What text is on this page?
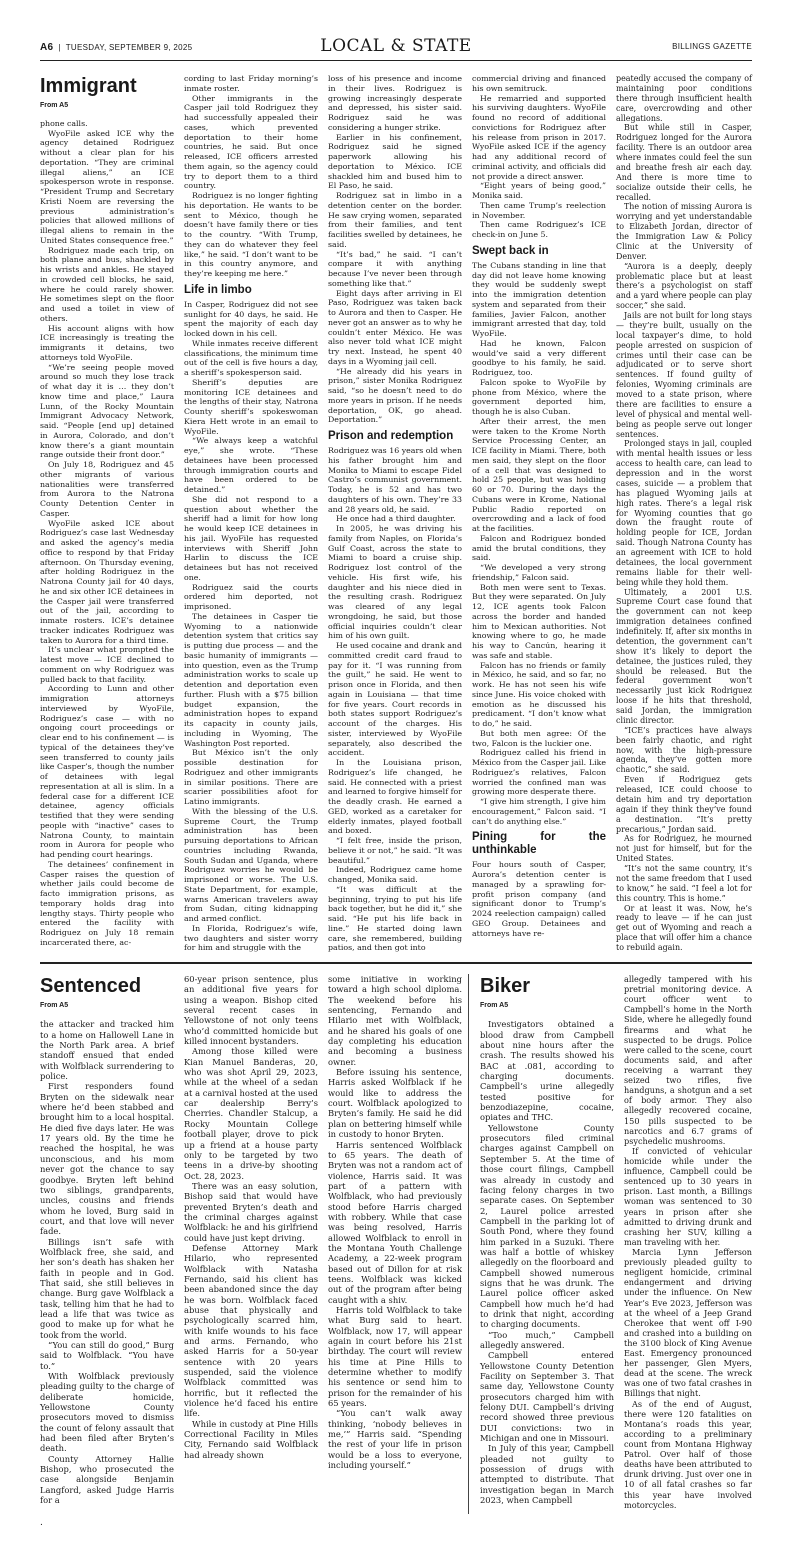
A6  |  TUESDAY, SEPTEMBER 9, 2025	LOCAL & STATE	BILLINGS GAZETTE
Immigrant
From A5

phone calls.

WyoFile asked ICE why the agency detained Rodriguez without a clear plan for his deportation. “They are criminal illegal aliens,” an ICE spokesperson wrote in response. “President Trump and Secretary Kristi Noem are reversing the previous administration’s policies that allowed millions of illegal aliens to remain in the United States consequence free.”

Rodriguez made each trip, on both plane and bus, shackled by his wrists and ankles. He stayed in crowded cell blocks, he said, where he could rarely shower. He sometimes slept on the floor and used a toilet in view of others.

His account aligns with how ICE increasingly is treating the immigrants it detains, two attorneys told WyoFile.

“We’re seeing people moved around so much they lose track of what day it is … they don’t know time and place,” Laura Lunn, of the Rocky Mountain Immigrant Advocacy Network, said. “People [end up] detained in Aurora, Colorado, and don’t know there’s a giant mountain range outside their front door.”

On July 18, Rodriguez and 45 other migrants of various nationalities were transferred from Aurora to the Natrona County Detention Center in Casper.

WyoFile asked ICE about Rodriguez’s case last Wednesday and asked the agency’s media office to respond by that Friday afternoon. On Thursday evening, after holding Rodriguez in the Natrona County jail for 40 days, he and six other ICE detainees in the Casper jail were transferred out of the jail, according to inmate rosters. ICE’s detainee tracker indicates Rodriguez was taken to Aurora for a third time.

It’s unclear what prompted the latest move — ICE declined to comment on why Rodriguez was pulled back to that facility.

According to Lunn and other immigration attorneys interviewed by WyoFile, Rodriguez’s case — with no ongoing court proceedings or clear end to his confinement — is typical of the detainees they’ve seen transferred to county jails like Casper’s, though the number of detainees with legal representation at all is slim. In a federal case for a different ICE detainee, agency officials testified that they were sending people with “inactive” cases to Natrona County, to maintain room in Aurora for people who had pending court hearings.

The detainees’ confinement in Casper raises the question of whether jails could become de facto immigration prisons, as temporary holds drag into lengthy stays. Thirty people who entered the facility with Rodriguez on July 18 remain incarcerated there, ac-

cording to last Friday morning’s inmate roster.

Other immigrants in the Casper jail told Rodriguez they had successfully appealed their cases, which prevented deportation to their home countries, he said. But once released, ICE officers arrested them again, so the agency could try to deport them to a third country.

Rodriguez is no longer fighting his deportation. He wants to be sent to México, though he doesn’t have family there or ties to the country. “With Trump, they can do whatever they feel like,” he said. “I don’t want to be in this country anymore, and they’re keeping me here.”

Life in limbo

In Casper, Rodriguez did not see sunlight for 40 days, he said. He spent the majority of each day locked down in his cell.

While inmates receive different classifications, the minimum time out of the cell is five hours a day, a sheriff’s spokesperson said.

Sheriff’s deputies are monitoring ICE detainees and the lengths of their stay, Natrona County sheriff’s spokeswoman Kiera Hett wrote in an email to WyoFile.

“We always keep a watchful eye,” she wrote. “These detainees have been processed through immigration courts and have been ordered to be detained.”

She did not respond to a question about whether the sheriff had a limit for how long he would keep ICE detainees in his jail. WyoFile has requested interviews with Sheriff John Harlin to discuss the ICE detainees but has not received one.

Rodriguez said the courts ordered him deported, not imprisoned.

The detainees in Casper tie Wyoming to a nationwide detention system that critics say is putting due process — and the basic humanity of immigrants — into question, even as the Trump administration works to scale up detention and deportation even further. Flush with a $75 billion budget expansion, the administration hopes to expand its capacity in county jails, including in Wyoming, The Washington Post reported.

But México isn’t the only possible destination for Rodriguez and other immigrants in similar positions. There are scarier possibilities afoot for Latino immigrants.

With the blessing of the U.S. Supreme Court, the Trump administration has been pursuing deportations to African countries including Rwanda, South Sudan and Uganda, where Rodriguez worries he would be imprisoned or worse. The U.S. State Department, for example, warns American travelers away from Sudan, citing kidnapping and armed conflict.

In Florida, Rodriguez’s wife, two daughters and sister worry for him and struggle with the

loss of his presence and income in their lives. Rodriguez is growing increasingly desperate and depressed, his sister said. Rodriguez said he was considering a hunger strike.

Earlier in his confinement, Rodriguez said he signed paperwork allowing his deportation to México. ICE shackled him and bused him to El Paso, he said.

Rodriguez sat in limbo in a detention center on the border. He saw crying women, separated from their families, and tent facilities swelled by detainees, he said.

“It’s bad,” he said. “I can’t compare it with anything because I’ve never been through something like that.”

Eight days after arriving in El Paso, Rodriguez was taken back to Aurora and then to Casper. He never got an answer as to why he couldn’t enter México. He was also never told what ICE might try next. Instead, he spent 40 days in a Wyoming jail cell.

“He already did his years in prison,” sister Monika Rodriguez said, “so he doesn’t need to do more years in prison. If he needs deportation, OK, go ahead. Deportation.”

Prison and redemption

Rodriguez was 16 years old when his father brought him and Monika to Miami to escape Fidel Castro’s communist government. Today, he is 52 and has two daughters of his own. They’re 33 and 28 years old, he said.

He once had a third daughter.

In 2005, he was driving his family from Naples, on Florida’s Gulf Coast, across the state to Miami to board a cruise ship. Rodriguez lost control of the vehicle. His first wife, his daughter and his niece died in the resulting crash. Rodriguez was cleared of any legal wrongdoing, he said, but those official inquiries couldn’t clear him of his own guilt.

He used cocaine and drank and committed credit card fraud to pay for it. “I was running from the guilt,” he said. He went to prison once in Florida, and then again in Louisiana — that time for five years. Court records in both states support Rodriguez’s account of the charges. His sister, interviewed by WyoFile separately, also described the accident.

In the Louisiana prison, Rodriguez’s life changed, he said. He connected with a priest and learned to forgive himself for the deadly crash. He earned a GED, worked as a caretaker for elderly inmates, played football and boxed.

“I felt free, inside the prison, believe it or not,” he said. “It was beautiful.”

Indeed, Rodriguez came home changed, Monika said.

“It was difficult at the beginning, trying to put his life back together, but he did it,” she said. “He put his life back in line.” He started doing lawn care, she remembered, building patios, and then got into

commercial driving and financed his own semitruck.

He remarried and supported his surviving daughters. WyoFile found no record of additional convictions for Rodriguez after his release from prison in 2017. WyoFile asked ICE if the agency had any additional record of criminal activity, and officials did not provide a direct answer.

“Eight years of being good,” Monika said.

Then came Trump’s reelection in November.

Then came Rodriguez’s ICE check-in on June 5.

Swept back in

The Cubans standing in line that day did not leave home knowing they would be suddenly swept into the immigration detention system and separated from their families, Javier Falcon, another immigrant arrested that day, told WyoFile.

Had he known, Falcon would’ve said a very different goodbye to his family, he said. Rodriguez, too.

Falcon spoke to WyoFile by phone from México, where the government deported him, though he is also Cuban.

After their arrest, the men were taken to the Krome North Service Processing Center, an ICE facility in Miami. There, both men said, they slept on the floor of a cell that was designed to hold 25 people, but was holding 60 or 70. During the days the Cubans were in Krome, National Public Radio reported on overcrowding and a lack of food at the facilities.

Falcon and Rodriguez bonded amid the brutal conditions, they said.

“We developed a very strong friendship,” Falcon said.

Both men were sent to Texas. But they were separated. On July 12, ICE agents took Falcon across the border and handed him to Mexican authorities. Not knowing where to go, he made his way to Cancún, hearing it was safe and stable.

Falcon has no friends or family in México, he said, and so far, no work. He has not seen his wife since June. His voice choked with emotion as he discussed his predicament. “I don’t know what to do,” he said.

But both men agree: Of the two, Falcon is the luckier one.

Rodriguez called his friend in México from the Casper jail. Like Rodriguez’s relatives, Falcon worried the confined man was growing more desperate there.

“I give him strength, I give him encouragement,” Falcon said. “I can’t do anything else.”

Pining for the unthinkable

Four hours south of Casper, Aurora’s detention center is managed by a sprawling for-profit prison company (and significant donor to Trump’s 2024 reelection campaign) called GEO Group. Detainees and attorneys have re-

peatedly accused the company of maintaining poor conditions there through insufficient health care, overcrowding and other allegations.

But while still in Casper, Rodriguez longed for the Aurora facility. There is an outdoor area where inmates could feel the sun and breathe fresh air each day. And there is more time to socialize outside their cells, he recalled.

The notion of missing Aurora is worrying and yet understandable to Elizabeth Jordan, director of the Immigration Law & Policy Clinic at the University of Denver.

“Aurora is a deeply, deeply problematic place but at least there’s a psychologist on staff and a yard where people can play soccer,” she said.

Jails are not built for long stays — they’re built, usually on the local taxpayer’s dime, to hold people arrested on suspicion of crimes until their case can be adjudicated or to serve short sentences. If found guilty of felonies, Wyoming criminals are moved to a state prison, where there are facilities to ensure a level of physical and mental well-being as people serve out longer sentences.

Prolonged stays in jail, coupled with mental health issues or less access to health care, can lead to depression and in the worst cases, suicide — a problem that has plagued Wyoming jails at high rates. There’s a legal risk for Wyoming counties that go down the fraught route of holding people for ICE, Jordan said. Though Natrona County has an agreement with ICE to hold detainees, the local government remains liable for their well-being while they hold them.

Ultimately, a 2001 U.S. Supreme Court case found that the government can not keep immigration detainees confined indefinitely. If, after six months in detention, the government can’t show it’s likely to deport the detainee, the justices ruled, they should be released. But the federal government won’t necessarily just kick Rodriguez loose if he hits that threshold, said Jordan, the immigration clinic director.

“ICE’s practices have always been fairly chaotic, and right now, with the high-pressure agenda, they’ve gotten more chaotic,” she said.

Even if Rodriguez gets released, ICE could choose to detain him and try deportation again if they think they’ve found a destination. “It’s pretty precarious,” Jordan said.

As for Rodriguez, he mourned not just for himself, but for the United States.

“It’s not the same country, it’s not the same freedom that I used to know,” he said. “I feel a lot for this country. This is home.”

Or at least it was. Now, he’s ready to leave — if he can just get out of Wyoming and reach a place that will offer him a chance to rebuild again.

Sentenced
From A5

the attacker and tracked him to a home on Hallowell Lane in the North Park area. A brief standoff ensued that ended with Wolfblack surrendering to police.

First responders found Bryten on the sidewalk near where he’d been stabbed and brought him to a local hospital. He died five days later. He was 17 years old. By the time he reached the hospital, he was unconscious, and his mom never got the chance to say goodbye. Bryten left behind two siblings, grandparents, uncles, cousins and friends whom he loved, Burg said in court, and that love will never fade.

Billings isn’t safe with Wolfblack free, she said, and her son’s death has shaken her faith in people and in God. That said, she still believes in change. Burg gave Wolfblack a task, telling him that he had to lead a life that was twice as good to make up for what he took from the world.

“You can still do good,” Burg said to Wolfblack. “You have to.”

With Wolfblack previously pleading guilty to the charge of deliberate homicide, Yellowstone County prosecutors moved to dismiss the count of felony assault that had been filed after Bryten’s death.

County Attorney Hallie Bishop, who prosecuted the case alongside Benjamin Langford, asked Judge Harris for a

60-year prison sentence, plus an additional five years for using a weapon. Bishop cited several recent cases in Yellowstone of not only teens who’d committed homicide but killed innocent bystanders.

Among those killed were Kian Manuel Banderas, 20, who was shot April 29, 2023, while at the wheel of a sedan at a carnival hosted at the used car dealership Berry’s Cherries. Chandler Stalcup, a Rocky Mountain College football player, drove to pick up a friend at a house party only to be targeted by two teens in a drive-by shooting Oct. 28, 2023.

There was an easy solution, Bishop said that would have prevented Bryten’s death and the criminal charges against Wolfblack: he and his girlfriend could have just kept driving.

Defense Attorney Mark Hilario, who represented Wolfblack with Natasha Fernando, said his client has been abandoned since the day he was born. Wolfblack faced abuse that physically and psychologically scarred him, with knife wounds to his face and arms. Fernando, who asked Harris for a 50-year sentence with 20 years suspended, said the violence Wolfblack committed was horrific, but it reflected the violence he’d faced his entire life.

While in custody at Pine Hills Correctional Facility in Miles City, Fernando said Wolfblack had already shown

some initiative in working toward a high school diploma. The weekend before his sentencing, Fernando and Hilario met with Wolfblack, and he shared his goals of one day completing his education and becoming a business owner.

Before issuing his sentence, Harris asked Wolfblack if he would like to address the court. Wolfblack apologized to Bryten’s family. He said he did plan on bettering himself while in custody to honor Bryten.

Harris sentenced Wolfblack to 65 years. The death of Bryten was not a random act of violence, Harris said. It was part of a pattern with Wolfblack, who had previously stood before Harris charged with robbery. While that case was being resolved, Harris allowed Wolfblack to enroll in the Montana Youth Challenge Academy, a 22-week program based out of Dillon for at risk teens. Wolfblack was kicked out of the program after being caught with a shiv.

Harris told Wolfblack to take what Burg said to heart. Wolfblack, now 17, will appear again in court before his 21st birthday. The court will review his time at Pine Hills to determine whether to modify his sentence or send him to prison for the remainder of his 65 years.

“You can’t walk away thinking, ‘nobody believes in me,’” Harris said. “Spending the rest of your life in prison would be a loss to everyone, including yourself.”

Biker
From A5

Investigators obtained a blood draw from Campbell about nine hours after the crash. The results showed his BAC at .081, according to charging documents. Campbell’s urine allegedly tested positive for benzodiazepine, cocaine, opiates and THC.

Yellowstone County prosecutors filed criminal charges against Campbell on September 5. At the time of those court filings, Campbell was already in custody and facing felony charges in two separate cases. On September 2, Laurel police arrested Campbell in the parking lot of South Pond, where they found him parked in a Suzuki. There was half a bottle of whiskey allegedly on the floorboard and Campbell showed numerous signs that he was drunk. The Laurel police officer asked Campbell how much he’d had to drink that night, according to charging documents.

“Too much,” Campbell allegedly answered.

Campbell entered Yellowstone County Detention Facility on September 3. That same day, Yellowstone County prosecutors charged him with felony DUI. Campbell’s driving record showed three previous DUI convictions: two in Michigan and one in Missouri.

In July of this year, Campbell pleaded not guilty to possession of drugs with attempted to distribute. That investigation began in March 2023, when Campbell

allegedly tampered with his pretrial monitoring device. A court officer went to Campbell’s home in the North Side, where he allegedly found firearms and what he suspected to be drugs. Police were called to the scene, court documents said, and after receiving a warrant they seized two rifles, five handguns, a shotgun and a set of body armor. They also allegedly recovered cocaine, 150 pills suspected to be narcotics and 6.7 grams of psychedelic mushrooms.

If convicted of vehicular homicide while under the influence, Campbell could be sentenced up to 30 years in prison. Last month, a Billings woman was sentenced to 30 years in prison after she admitted to driving drunk and crashing her SUV, killing a man traveling with her.

Marcia Lynn Jefferson previously pleaded guilty to negligent homicide, criminal endangerment and driving under the influence. On New Year’s Eve 2023, Jefferson was at the wheel of a Jeep Grand Cherokee that went off I-90 and crashed into a building on the 3100 block of King Avenue East. Emergency pronounced her passenger, Glen Myers, dead at the scene. The wreck was one of two fatal crashes in Billings that night.

As of the end of August, there were 120 fatalities on Montana’s roads this year, according to a preliminary count from Montana Highway Patrol. Over half of those deaths have been attributed to drunk driving. Just over one in 10 of all fatal crashes so far this year have involved motorcycles.

.
